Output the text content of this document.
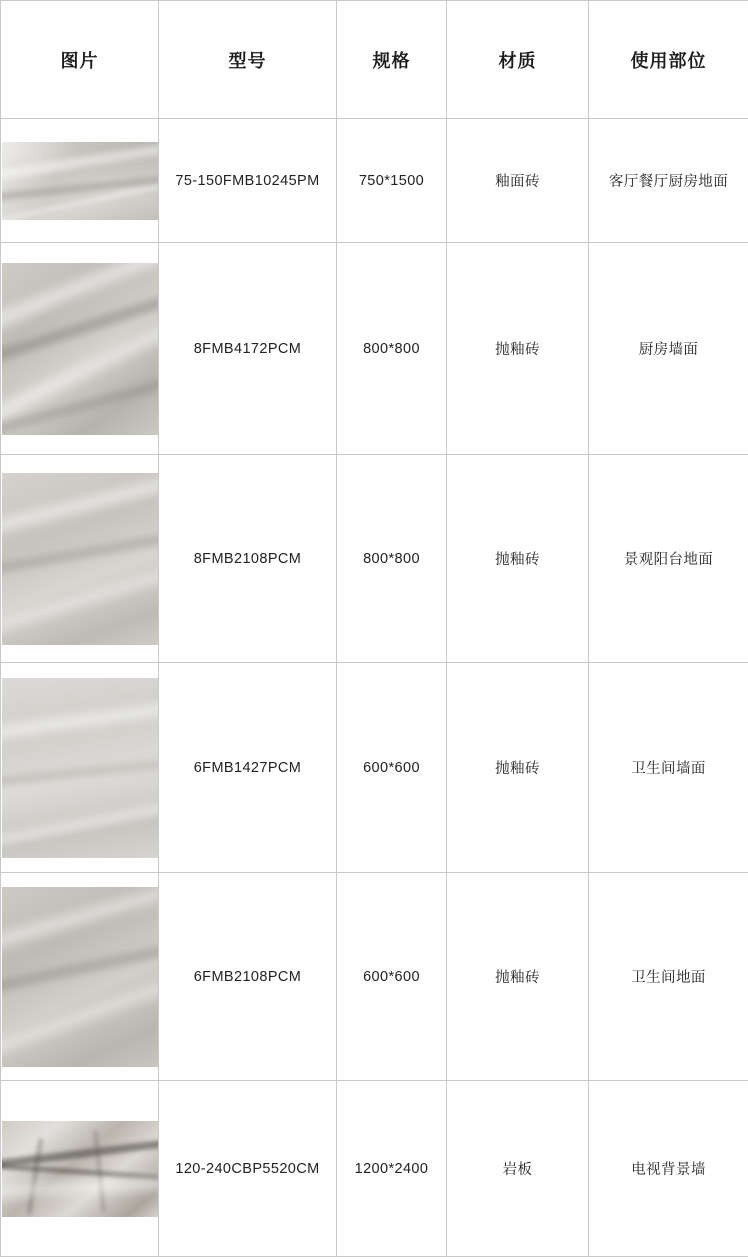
图片	型号	规格	材质	使用部位

	75-150FMB10245PM	750*1500	釉面砖	客厅餐厅厨房地面

	8FMB4172PCM	800*800	抛釉砖	厨房墙面

	8FMB2108PCM	800*800	抛釉砖	景观阳台地面

	6FMB1427PCM	600*600	抛釉砖	卫生间墙面

	6FMB2108PCM	600*600	抛釉砖	卫生间地面

	120-240CBP5520CM	1200*2400	岩板	电视背景墙
